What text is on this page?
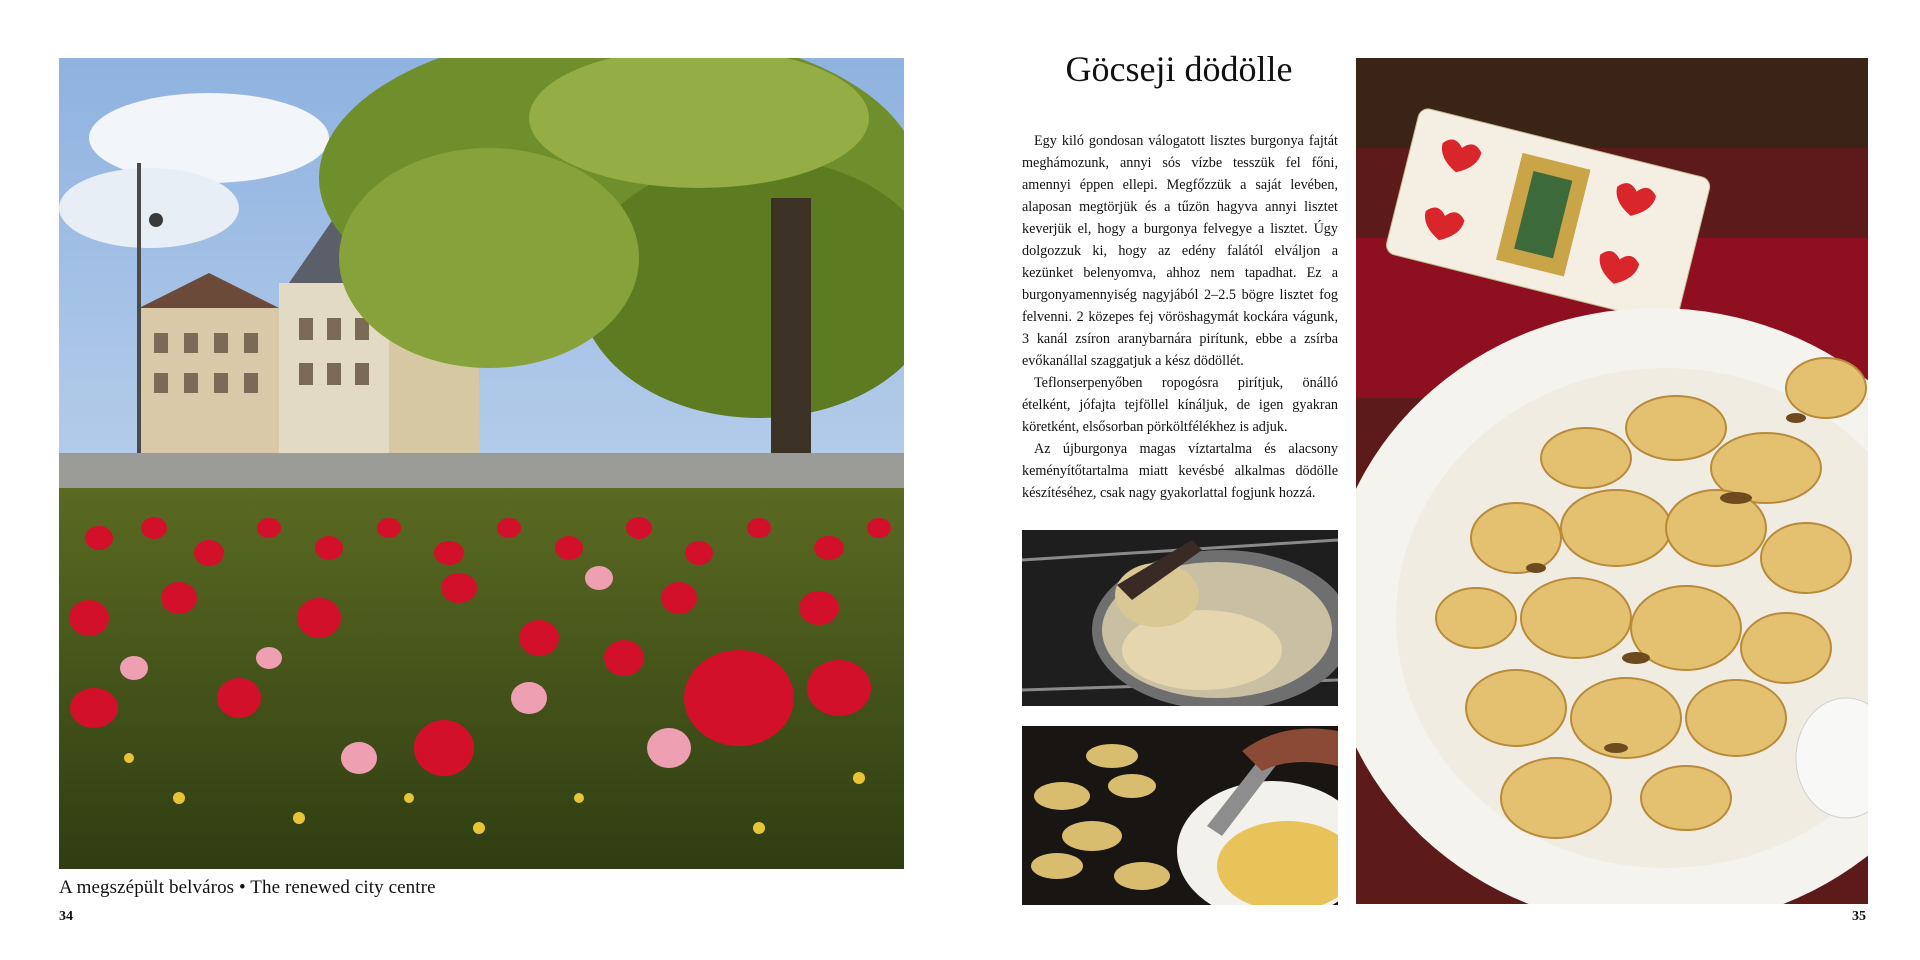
A megszépült belváros • The renewed city centre
34
Göcseji dödölle

Egy kiló gondosan válogatott lisztes burgonya fajtát meghámozunk, annyi sós vízbe tesszük fel főni, amennyi éppen ellepi. Megfőzzük a saját levében, alaposan megtörjük és a tűzön hagyva annyi lisztet keverjük el, hogy a burgonya felvegye a lisztet. Úgy dolgozzuk ki, hogy az edény falától elváljon a kezünket belenyomva, ahhoz nem tapadhat. Ez a burgonyamennyiség nagyjából 2–2.5 bögre lisztet fog felvenni. 2 közepes fej vöröshagymát kockára vágunk, 3 kanál zsíron aranybarnára pirítunk, ebbe a zsírba evőkanállal szaggatjuk a kész dödöllét.

Teflonserpenyőben ropogósra pirítjuk, önálló ételként, jófajta tejföllel kínáljuk, de igen gyakran köretként, elsősorban pörköltfélékhez is adjuk.

Az újburgonya magas víztartalma és alacsony keményítőtartalma miatt kevésbé alkalmas dödölle készítéséhez, csak nagy gyakorlattal fogjunk hozzá.

35
